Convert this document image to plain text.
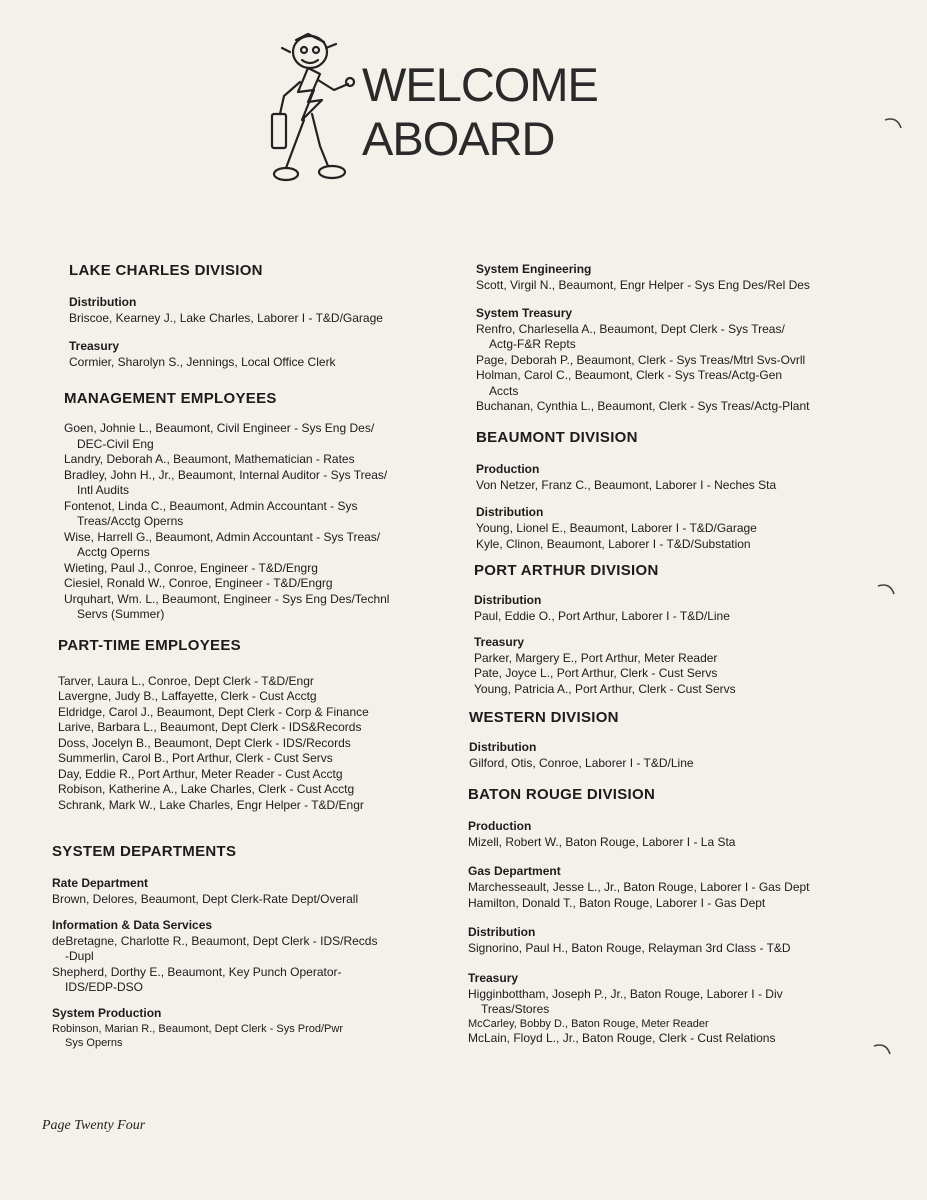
WELCOME
ABOARD
LAKE CHARLES DIVISION
Distribution

Briscoe, Kearney J., Lake Charles, Laborer I - T&D/Garage

Treasury

Cormier, Sharolyn S., Jennings, Local Office Clerk

MANAGEMENT EMPLOYEES

Goen, Johnie L., Beaumont, Civil Engineer - Sys Eng Des/
DEC-Civil Eng

Landry, Deborah A., Beaumont, Mathematician - Rates

Bradley, John H., Jr., Beaumont, Internal Auditor - Sys Treas/
Intl Audits

Fontenot, Linda C., Beaumont, Admin Accountant - Sys
Treas/Acctg Operns

Wise, Harrell G., Beaumont, Admin Accountant - Sys Treas/
Acctg Operns

Wieting, Paul J., Conroe, Engineer - T&D/Engrg

Ciesiel, Ronald W., Conroe, Engineer - T&D/Engrg

Urquhart, Wm. L., Beaumont, Engineer - Sys Eng Des/Technl
Servs (Summer)

PART-TIME EMPLOYEES

Tarver, Laura L., Conroe, Dept Clerk - T&D/Engr

Lavergne, Judy B., Laffayette, Clerk - Cust Acctg

Eldridge, Carol J., Beaumont, Dept Clerk - Corp & Finance

Larive, Barbara L., Beaumont, Dept Clerk - IDS&Records

Doss, Jocelyn B., Beaumont, Dept Clerk - IDS/Records

Summerlin, Carol B., Port Arthur, Clerk - Cust Servs

Day, Eddie R., Port Arthur, Meter Reader - Cust Acctg

Robison, Katherine A., Lake Charles, Clerk - Cust Acctg

Schrank, Mark W., Lake Charles, Engr Helper - T&D/Engr

SYSTEM DEPARTMENTS
Rate Department

Brown, Delores, Beaumont, Dept Clerk-Rate Dept/Overall

Information & Data Services

deBretagne, Charlotte R., Beaumont, Dept Clerk - IDS/Recds
-Dupl

Shepherd, Dorthy E., Beaumont, Key Punch Operator-
IDS/EDP-DSO

System Production

Robinson, Marian R., Beaumont, Dept Clerk - Sys Prod/Pwr
Sys Operns

System Engineering

Scott, Virgil N., Beaumont, Engr Helper - Sys Eng Des/Rel Des

System Treasury

Renfro, Charlesella A., Beaumont, Dept Clerk - Sys Treas/
Actg-F&R Repts

Page, Deborah P., Beaumont, Clerk - Sys Treas/Mtrl Svs-Ovrll

Holman, Carol C., Beaumont, Clerk - Sys Treas/Actg-Gen
Accts

Buchanan, Cynthia L., Beaumont, Clerk - Sys Treas/Actg-Plant

BEAUMONT DIVISION
Production

Von Netzer, Franz C., Beaumont, Laborer I - Neches Sta

Distribution

Young, Lionel E., Beaumont, Laborer I - T&D/Garage

Kyle, Clinon, Beaumont, Laborer I - T&D/Substation

PORT ARTHUR DIVISION
Distribution

Paul, Eddie O., Port Arthur, Laborer I - T&D/Line

Treasury

Parker, Margery E., Port Arthur, Meter Reader

Pate, Joyce L., Port Arthur, Clerk - Cust Servs

Young, Patricia A., Port Arthur, Clerk - Cust Servs

WESTERN DIVISION
Distribution

Gilford, Otis, Conroe, Laborer I - T&D/Line

BATON ROUGE DIVISION
Production

Mizell, Robert W., Baton Rouge, Laborer I - La Sta

Gas Department

Marchesseault, Jesse L., Jr., Baton Rouge, Laborer I - Gas Dept

Hamilton, Donald T., Baton Rouge, Laborer I - Gas Dept

Distribution

Signorino, Paul H., Baton Rouge, Relayman 3rd Class - T&D

Treasury

Higginbottham, Joseph P., Jr., Baton Rouge, Laborer I - Div
Treas/Stores

McCarley, Bobby D., Baton Rouge, Meter Reader

McLain, Floyd L., Jr., Baton Rouge, Clerk - Cust Relations

Page Twenty Four
